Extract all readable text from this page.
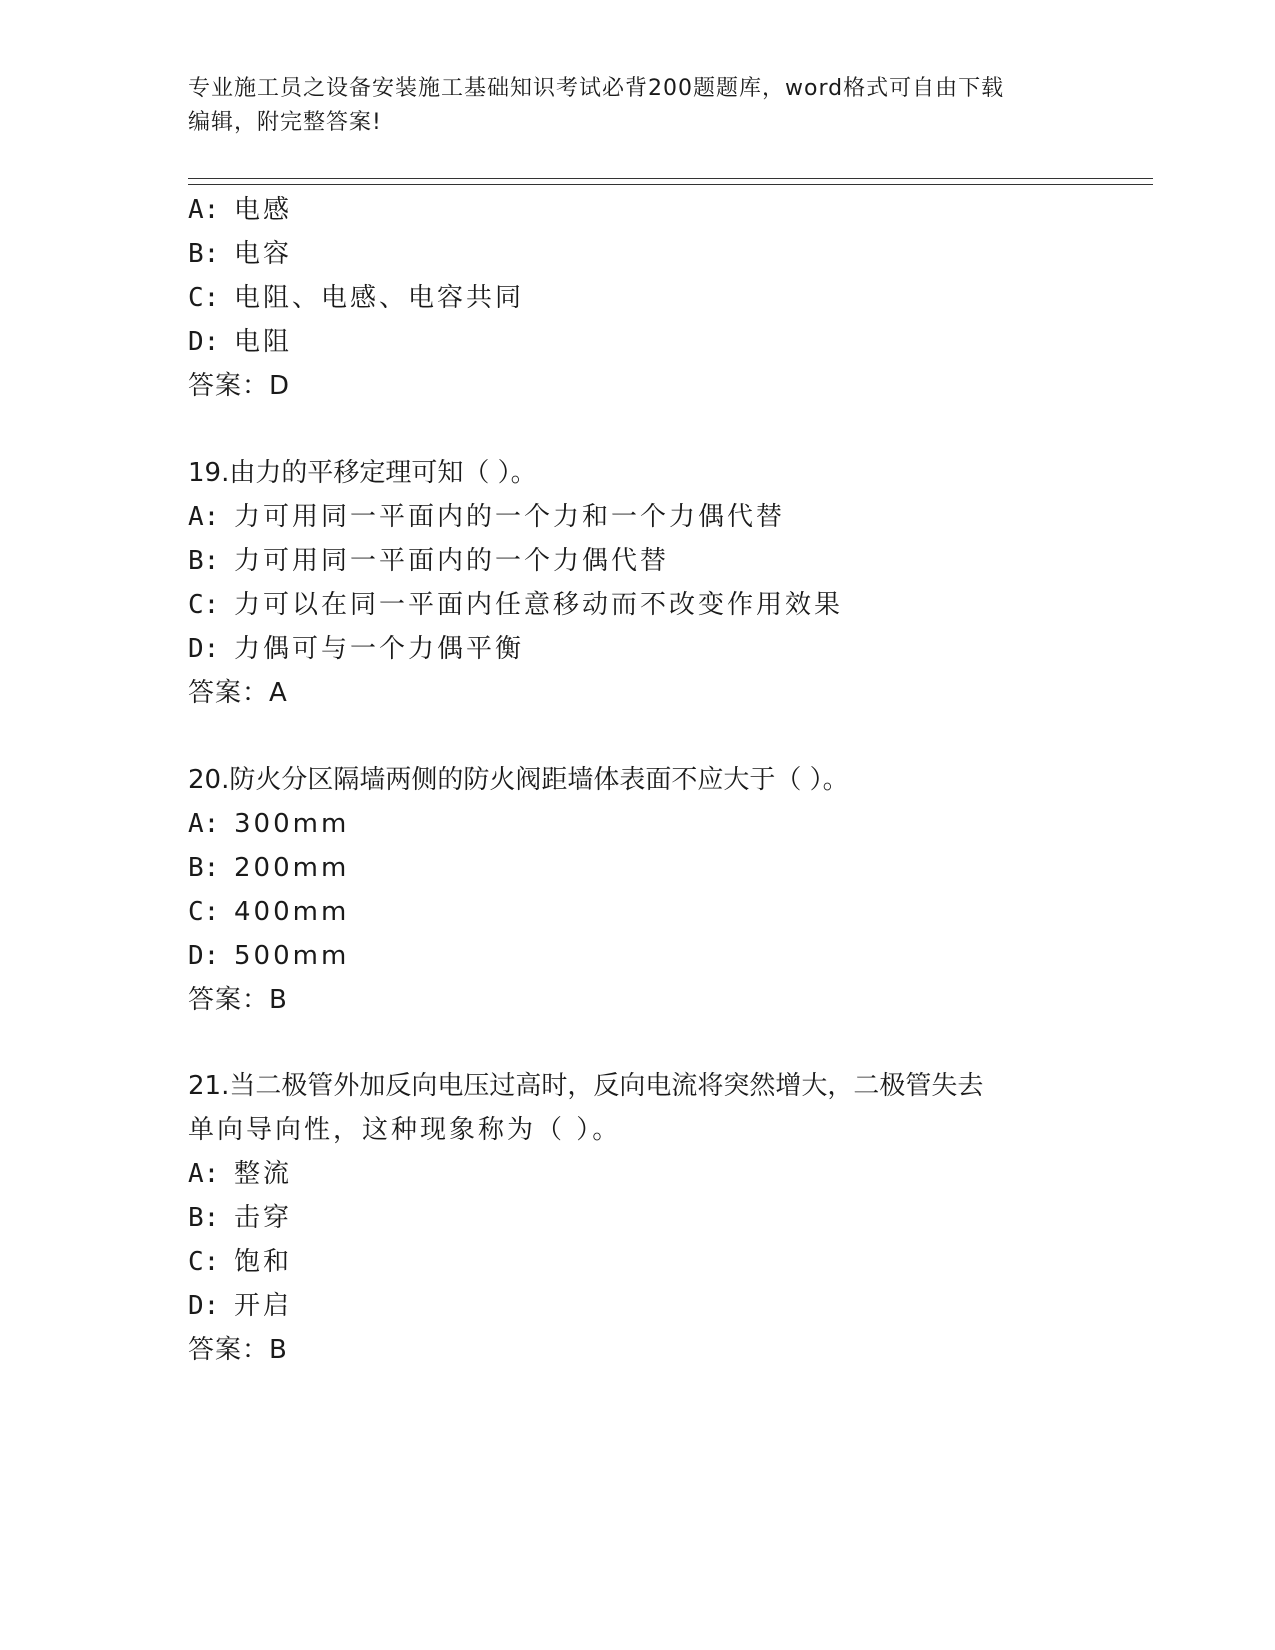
专业施工员之设备安装施工基础知识考试必背200题题库，word格式可自由下载
编辑，附完整答案!
A: 电感
B: 电容
C: 电阻、电感、电容共同
D: 电阻
答案：D
19.由力的平移定理可知（ ）。
A: 力可用同一平面内的一个力和一个力偶代替
B: 力可用同一平面内的一个力偶代替
C: 力可以在同一平面内任意移动而不改变作用效果
D: 力偶可与一个力偶平衡
答案：A
20.防火分区隔墙两侧的防火阀距墙体表面不应大于（ ）。
A: 300mm
B: 200mm
C: 400mm
D: 500mm
答案：B
21.当二极管外加反向电压过高时，反向电流将突然增大，二极管失去
单向导向性，这种现象称为（ ）。
A: 整流
B: 击穿
C: 饱和
D: 开启
答案：B
